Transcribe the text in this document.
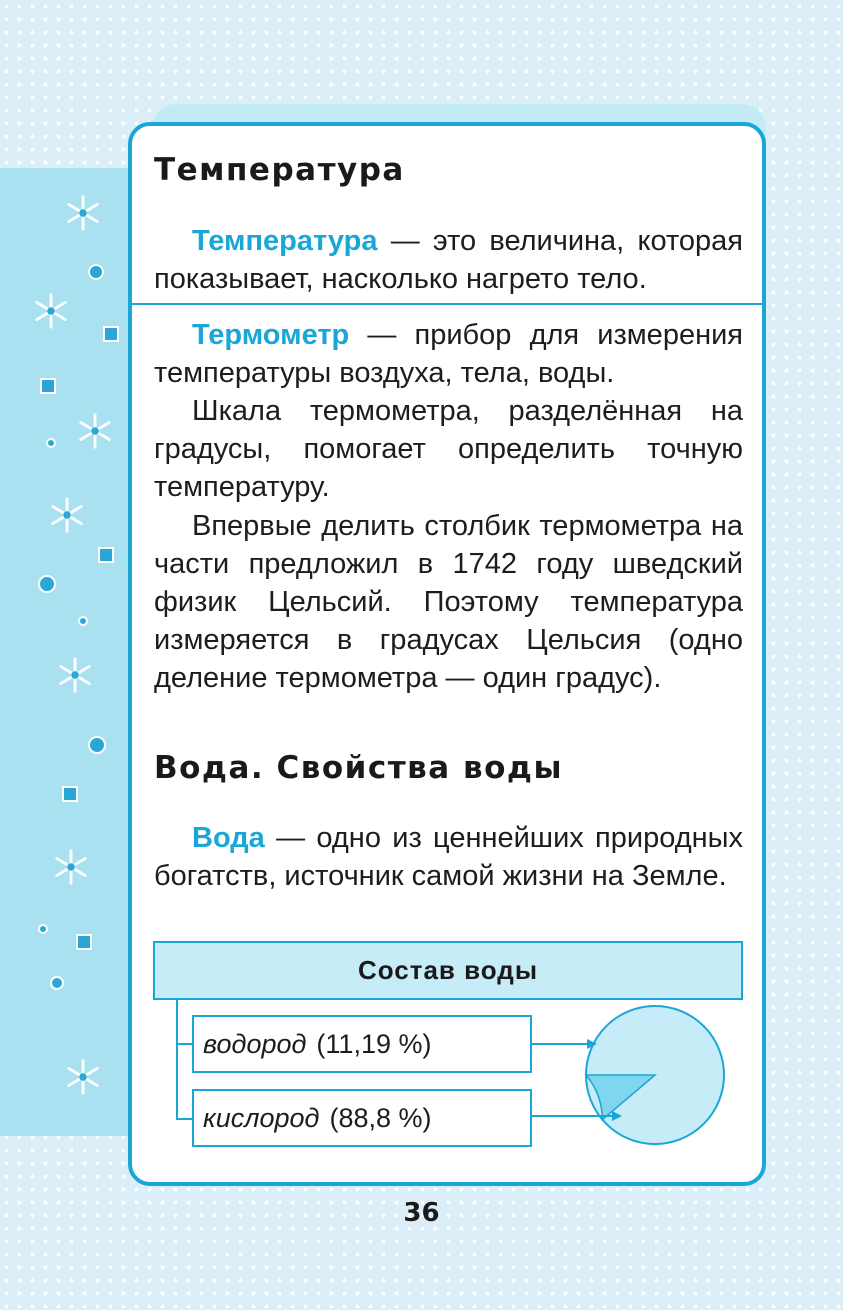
Температура

Температура — это величина, которая показывает, насколько нагрето тело.

Термометр — прибор для измерения температуры воздуха, тела, воды.

Шкала термометра, разделённая на градусы, помогает определить точную температуру.

Впервые делить столбик термометра на части предложил в 1742 году шведский физик Цельсий. Поэтому температура измеряется в градусах Цельсия (одно деление термометра — один градус).

Вода. Свойства воды

Вода — одно из ценнейших природных богатств, источник самой жизни на Земле.

Состав воды
водород (11,19 %)
кислород (88,8 %)
36
